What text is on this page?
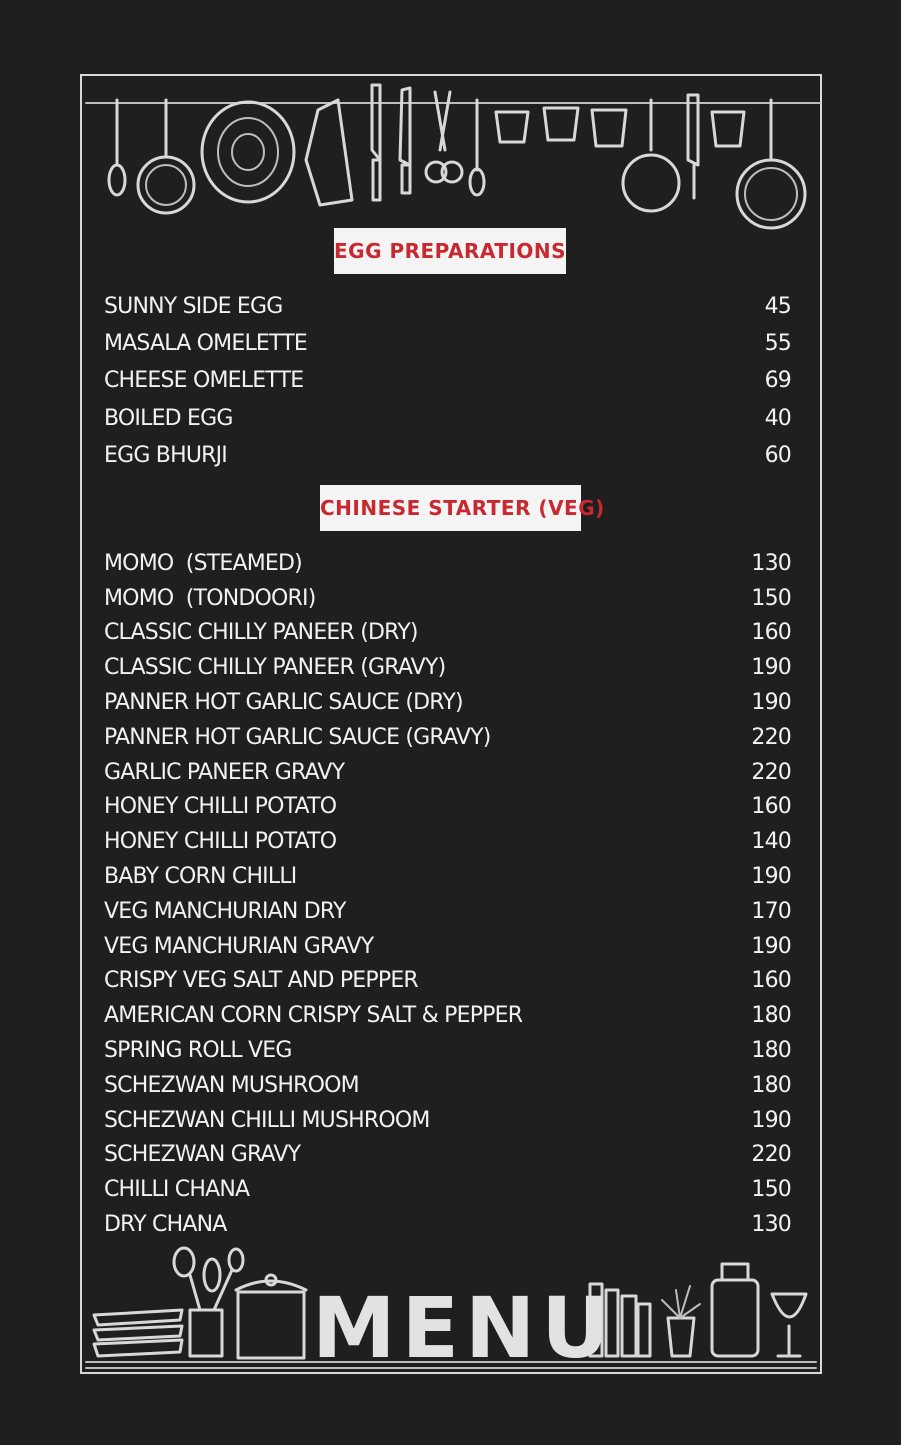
EGG PREPARATIONS
SUNNY SIDE EGG	45
MASALA OMELETTE	55
CHEESE OMELETTE	69
BOILED EGG	40
EGG BHURJI	60
CHINESE STARTER (VEG)
MOMO  (STEAMED)	130
MOMO  (TONDOORI)	150
CLASSIC CHILLY PANEER (DRY)	160
CLASSIC CHILLY PANEER (GRAVY)	190
PANNER HOT GARLIC SAUCE (DRY)	190
PANNER HOT GARLIC SAUCE (GRAVY)	220
GARLIC PANEER GRAVY	220
HONEY CHILLI POTATO	160
HONEY CHILLI POTATO	140
BABY CORN CHILLI	190
VEG MANCHURIAN DRY	170
VEG MANCHURIAN GRAVY	190
CRISPY VEG SALT AND PEPPER	160
AMERICAN CORN CRISPY SALT & PEPPER	180
SPRING ROLL VEG	180
SCHEZWAN MUSHROOM	180
SCHEZWAN CHILLI MUSHROOM	190
SCHEZWAN GRAVY	220
CHILLI CHANA	150
DRY CHANA	130
MENU
